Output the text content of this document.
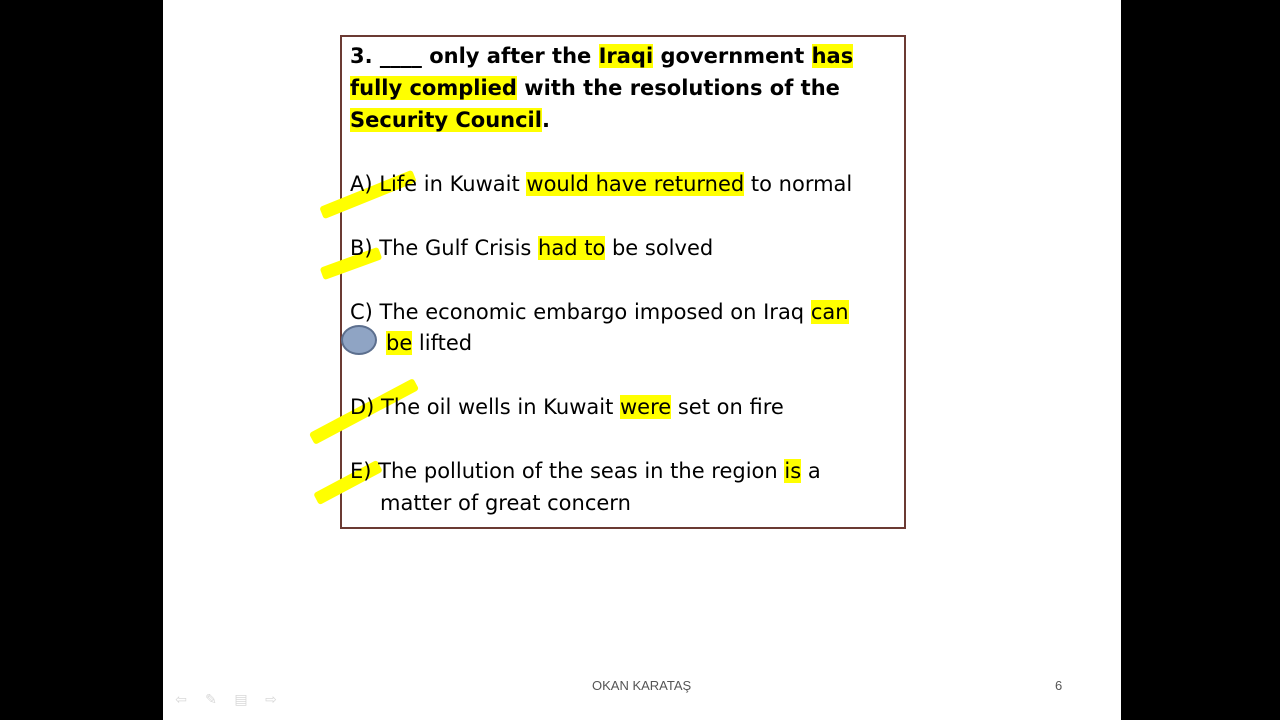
3. ____ only after the Iraqi government has
fully complied with the resolutions of the
Security Council.
A) Life in Kuwait would have returned to normal
B) The Gulf Crisis had to be solved
C) The economic embargo imposed on Iraq can
be lifted
D) The oil wells in Kuwait were set on fire
E) The pollution of the seas in the region is a
matter of great concern
OKAN KARATAŞ	6
⇦ ✎ ▤ ⇨
